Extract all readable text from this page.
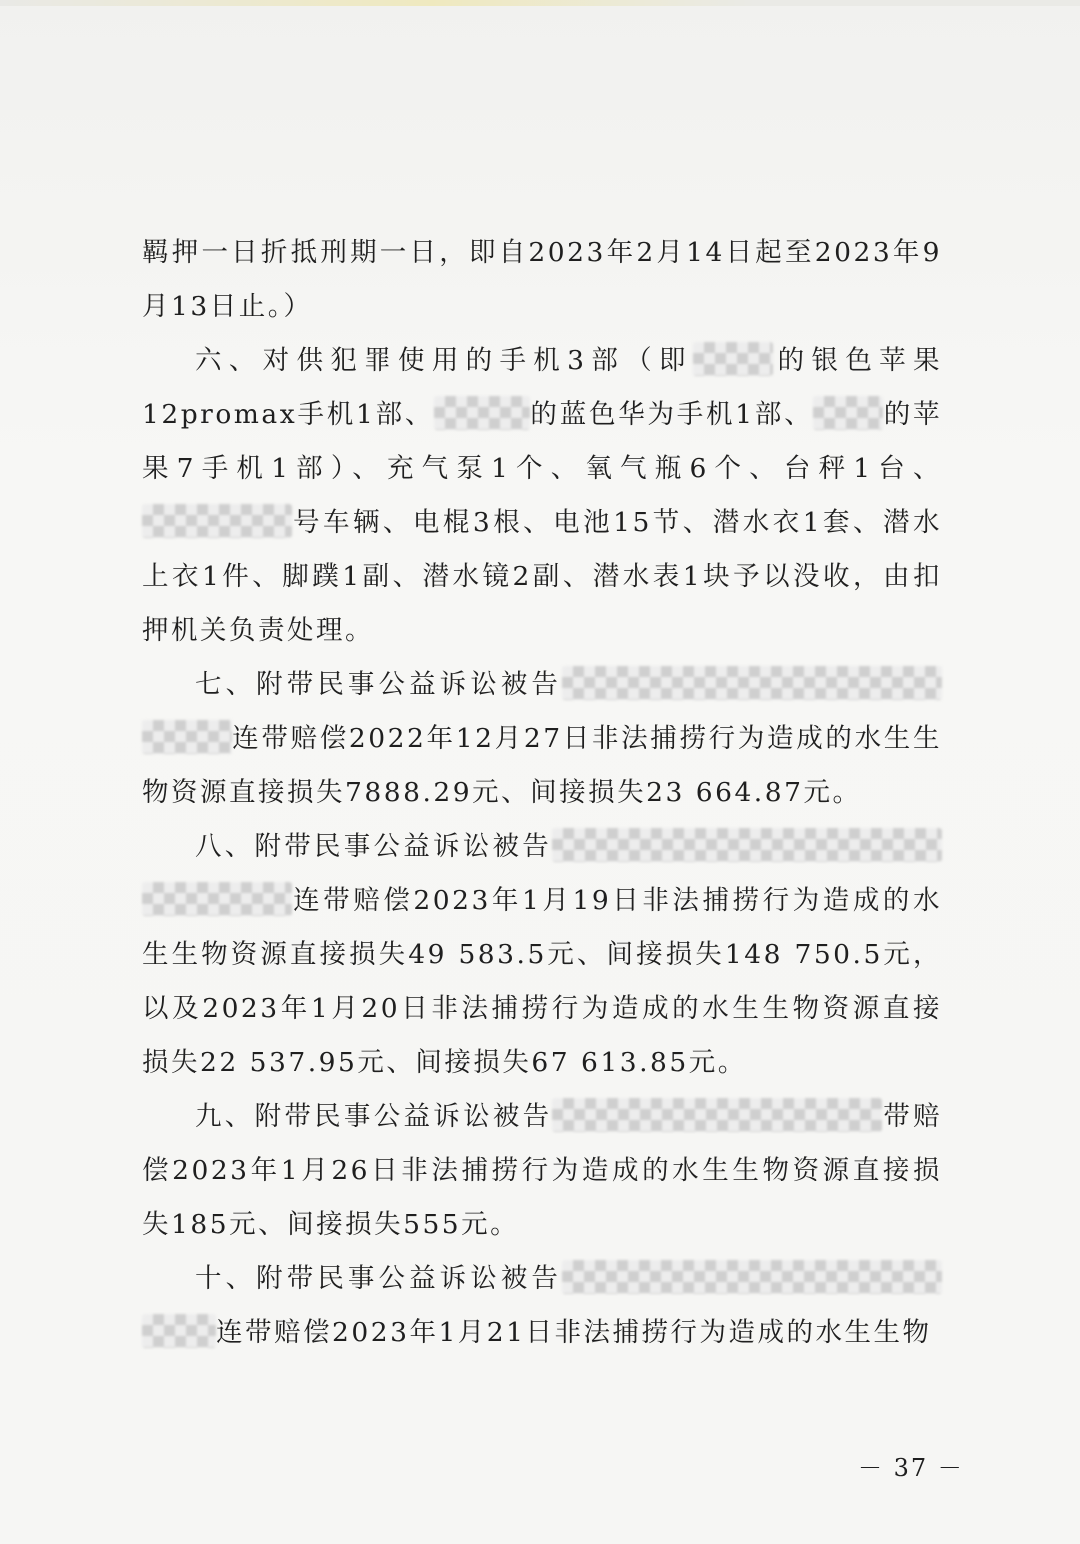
羁押一日折抵刑期一日，即自2023年2月14日起至2023年9月13日止。）

六、对供犯罪使用的手机3部（即	的银色苹果12promax手机1部、	的蓝色华为手机1部、	的苹果7手机1部）、充气泵1个、氧气瓶6个、台秤1台、号车辆、电棍3根、电池15节、潜水衣1套、潜水上衣1件、脚蹼1副、潜水镜2副、潜水表1块予以没收，由扣押机关负责处理。

七、附带民事公益诉讼被告连带赔偿2022年12月27日非法捕捞行为造成的水生生物资源直接损失7888.29元、间接损失23 664.87元。

八、附带民事公益诉讼被告连带赔偿2023年1月19日非法捕捞行为造成的水生生物资源直接损失49 583.5元、间接损失148 750.5元，以及2023年1月20日非法捕捞行为造成的水生生物资源直接损失22 537.95元、间接损失67 613.85元。

九、附带民事公益诉讼被告	带赔偿2023年1月26日非法捕捞行为造成的水生生物资源直接损失185元、间接损失555元。

十、附带民事公益诉讼被告连带赔偿2023年1月21日非法捕捞行为造成的水生生物

－ 37 －
